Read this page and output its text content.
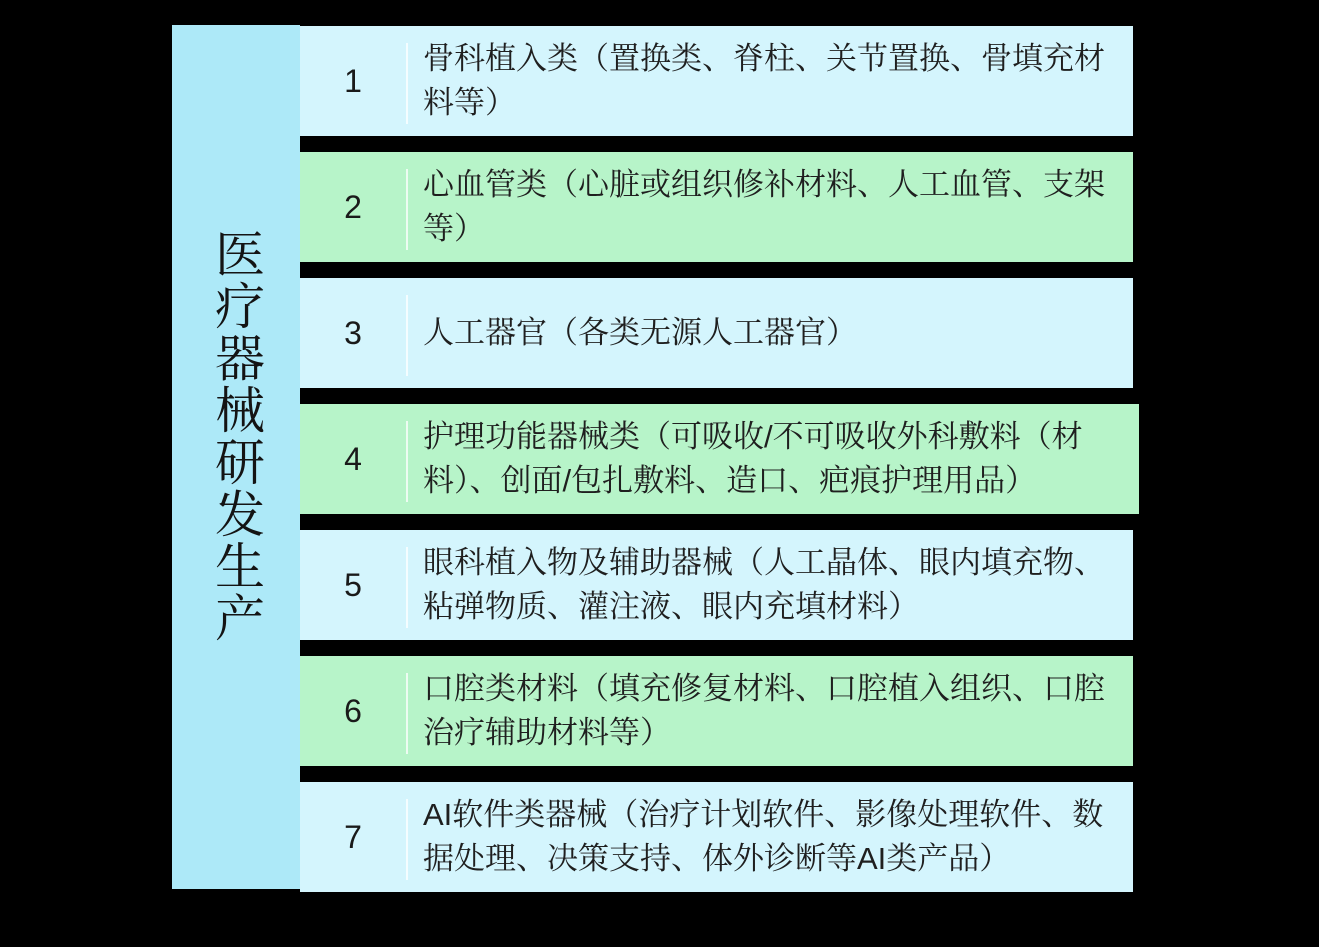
医疗器械研发生产
1
骨科植入类（置换类、脊柱、关节置换、骨填充材料等）
2
心血管类（心脏或组织修补材料、人工血管、支架等）
3	人工器官（各类无源人工器官）
4
护理功能器械类（可吸收/不可吸收外科敷料（材料）、创面/包扎敷料、造口、疤痕护理用品）
5
眼科植入物及辅助器械（人工晶体、眼内填充物、粘弹物质、灌注液、眼内充填材料）
6
口腔类材料（填充修复材料、口腔植入组织、口腔治疗辅助材料等）
7
AI软件类器械（治疗计划软件、影像处理软件、数据处理、决策支持、体外诊断等AI类产品）
